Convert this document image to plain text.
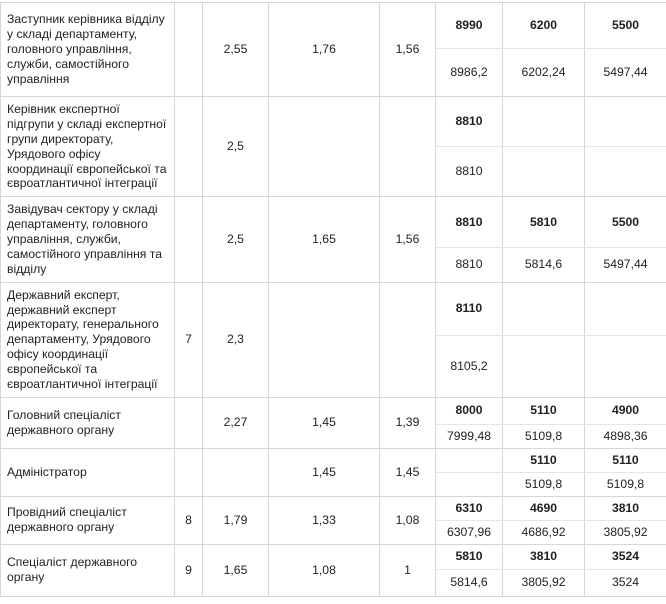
Заступник керівника відділу у складі департаменту, головного управління, служби, самостійного управління		2,55	1,76	1,56	8990	6200	5500
					8986,2	6202,24	5497,44
Керівник експертної підгрупи у складі експертної групи директорату, Урядового офісу координації європейської та євроатлантичної інтеграції		2,5			8810		
					8810		
Завідувач сектору у складі департаменту, головного управління, служби, самостійного управління та відділу		2,5	1,65	1,56	8810	5810	5500
					8810	5814,6	5497,44
Державний експерт, державний експерт директорату, генерального департаменту, Урядового офісу координації європейської та євроатлантичної інтеграції	7	2,3			8110		
					8105,2		
Головний спеціаліст державного органу		2,27	1,45	1,39	8000	5110	4900
					7999,48	5109,8	4898,36
Адміністратор			1,45	1,45		5110	5110
						5109,8	5109,8
Провідний спеціаліст державного органу	8	1,79	1,33	1,08	6310	4690	3810
					6307,96	4686,92	3805,92
Спеціаліст державного органу	9	1,65	1,08	1	5810	3810	3524
					5814,6	3805,92	3524
